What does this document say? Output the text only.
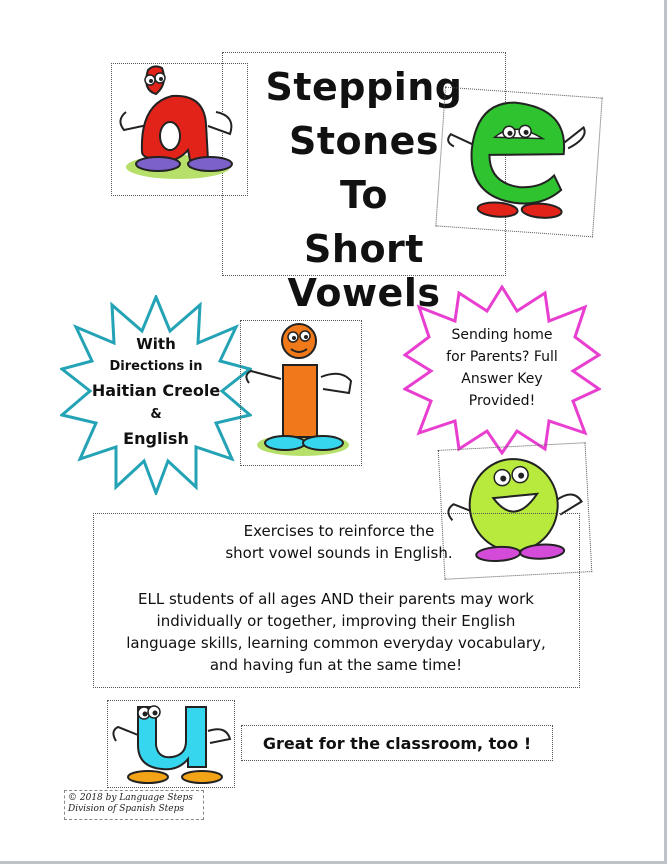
Stepping
Stones
To
Short Vowels
With
Directions in
Haitian Creole
&
English
Sending home
for Parents? Full
Answer Key
Provided!
Exercises to reinforce the
short vowel sounds in English.
ELL students of all ages AND their parents may work
individually or together, improving their English
language skills, learning common everyday vocabulary,
and having fun at the same time!
Great for the classroom, too !
© 2018 by Language Steps
Division of Spanish Steps
